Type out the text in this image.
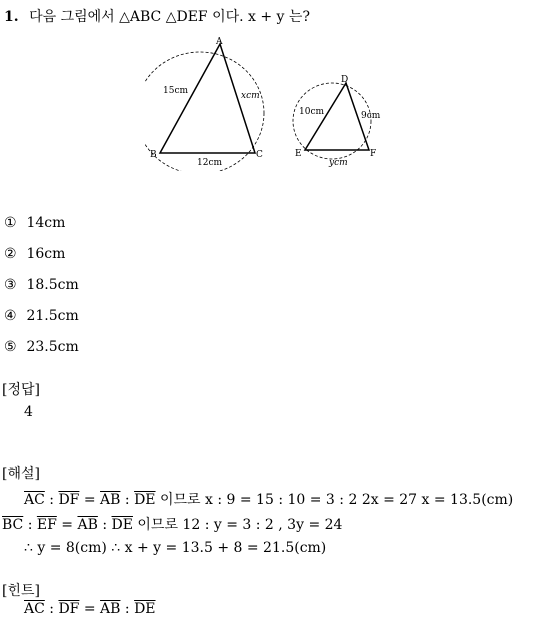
1. 다음 그림에서 △ABC △DEF 이다. x + y 는?
A
B	C
15cm	xcm
12cm
D
E	F
10cm	9cm
ycm
① 14cm
② 16cm
③ 18.5cm
④ 21.5cm
⑤ 23.5cm
[정답]
4
[해설]
$\overline{AC}$ : $\overline{DF} = \overline{AB}$ : $\overline{DE}$ 이므로 x : 9 = 15 : 10 = 3 : 2 2x = 27 x = 13.5(cm)
$\overline{BC}$ : $\overline{EF} = \overline{AB}$ : $\overline{DE}$ 이므로 12 : y = 3 : 2 , 3y = 24
∴ y = 8(cm) ∴ x + y = 13.5 + 8 = 21.5(cm)
[힌트]
$\overline{AC}$ : $\overline{DF} = \overline{AB}$ : $\overline{DE}$
